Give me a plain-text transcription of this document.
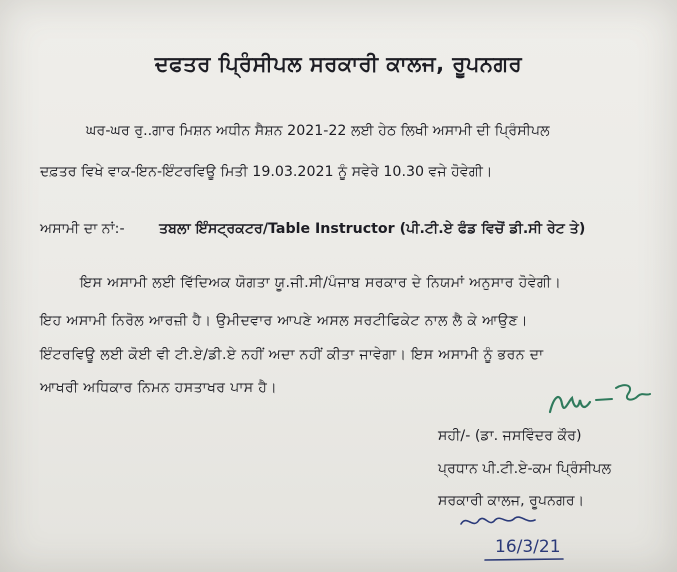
ਦਫਤਰ ਪ੍ਰਿੰਸੀਪਲ ਸਰਕਾਰੀ ਕਾਲਜ, ਰੂਪਨਗਰ
ਘਰ-ਘਰ ਰੁ..ਗਾਰ ਮਿਸ਼ਨ ਅਧੀਨ ਸੈਸ਼ਨ 2021-22 ਲਈ ਹੇਠ ਲਿਖੀ ਅਸਾਮੀ ਦੀ ਪ੍ਰਿੰਸੀਪਲ
ਦਫ਼ਤਰ ਵਿਖੇ ਵਾਕ-ਇਨ-ਇੰਟਰਵਿਊ ਮਿਤੀ 19.03.2021 ਨੂੰ ਸਵੇਰੇ 10.30 ਵਜੇ ਹੋਵੇਗੀ।
ਅਸਾਮੀ ਦਾ ਨਾਂ:- ਤਬਲਾ ਇੰਸਟ੍ਰਕਟਰ/Table Instructor (ਪੀ.ਟੀ.ਏ ਫੰਡ ਵਿਚੋਂ ਡੀ.ਸੀ ਰੇਟ ਤੇ)
ਇਸ ਅਸਾਮੀ ਲਈ ਵਿੱਦਿਅਕ ਯੋਗਤਾ ਯੂ.ਜੀ.ਸੀ/ਪੰਜਾਬ ਸਰਕਾਰ ਦੇ ਨਿਯਮਾਂ ਅਨੁਸਾਰ ਹੋਵੇਗੀ।
ਇਹ ਅਸਾਮੀ ਨਿਰੋਲ ਆਰਜ਼ੀ ਹੈ। ਉਮੀਦਵਾਰ ਆਪਣੇ ਅਸਲ ਸਰਟੀਫਿਕੇਟ ਨਾਲ ਲੈ ਕੇ ਆਉਣ।
ਇੰਟਰਵਿਊ ਲਈ ਕੋਈ ਵੀ ਟੀ.ਏ/ਡੀ.ਏ ਨਹੀਂ ਅਦਾ ਨਹੀਂ ਕੀਤਾ ਜਾਵੇਗਾ। ਇਸ ਅਸਾਮੀ ਨੂੰ ਭਰਨ ਦਾ
ਆਖਰੀ ਅਧਿਕਾਰ ਨਿਮਨ ਹਸਤਾਖਰ ਪਾਸ ਹੈ।
ਸਹੀ/- (ਡਾ. ਜਸਵਿੰਦਰ ਕੌਰ)
ਪ੍ਰਧਾਨ ਪੀ.ਟੀ.ਏ-ਕਮ ਪ੍ਰਿੰਸੀਪਲ
ਸਰਕਾਰੀ ਕਾਲਜ, ਰੂਪਨਗਰ।
16/3/21
